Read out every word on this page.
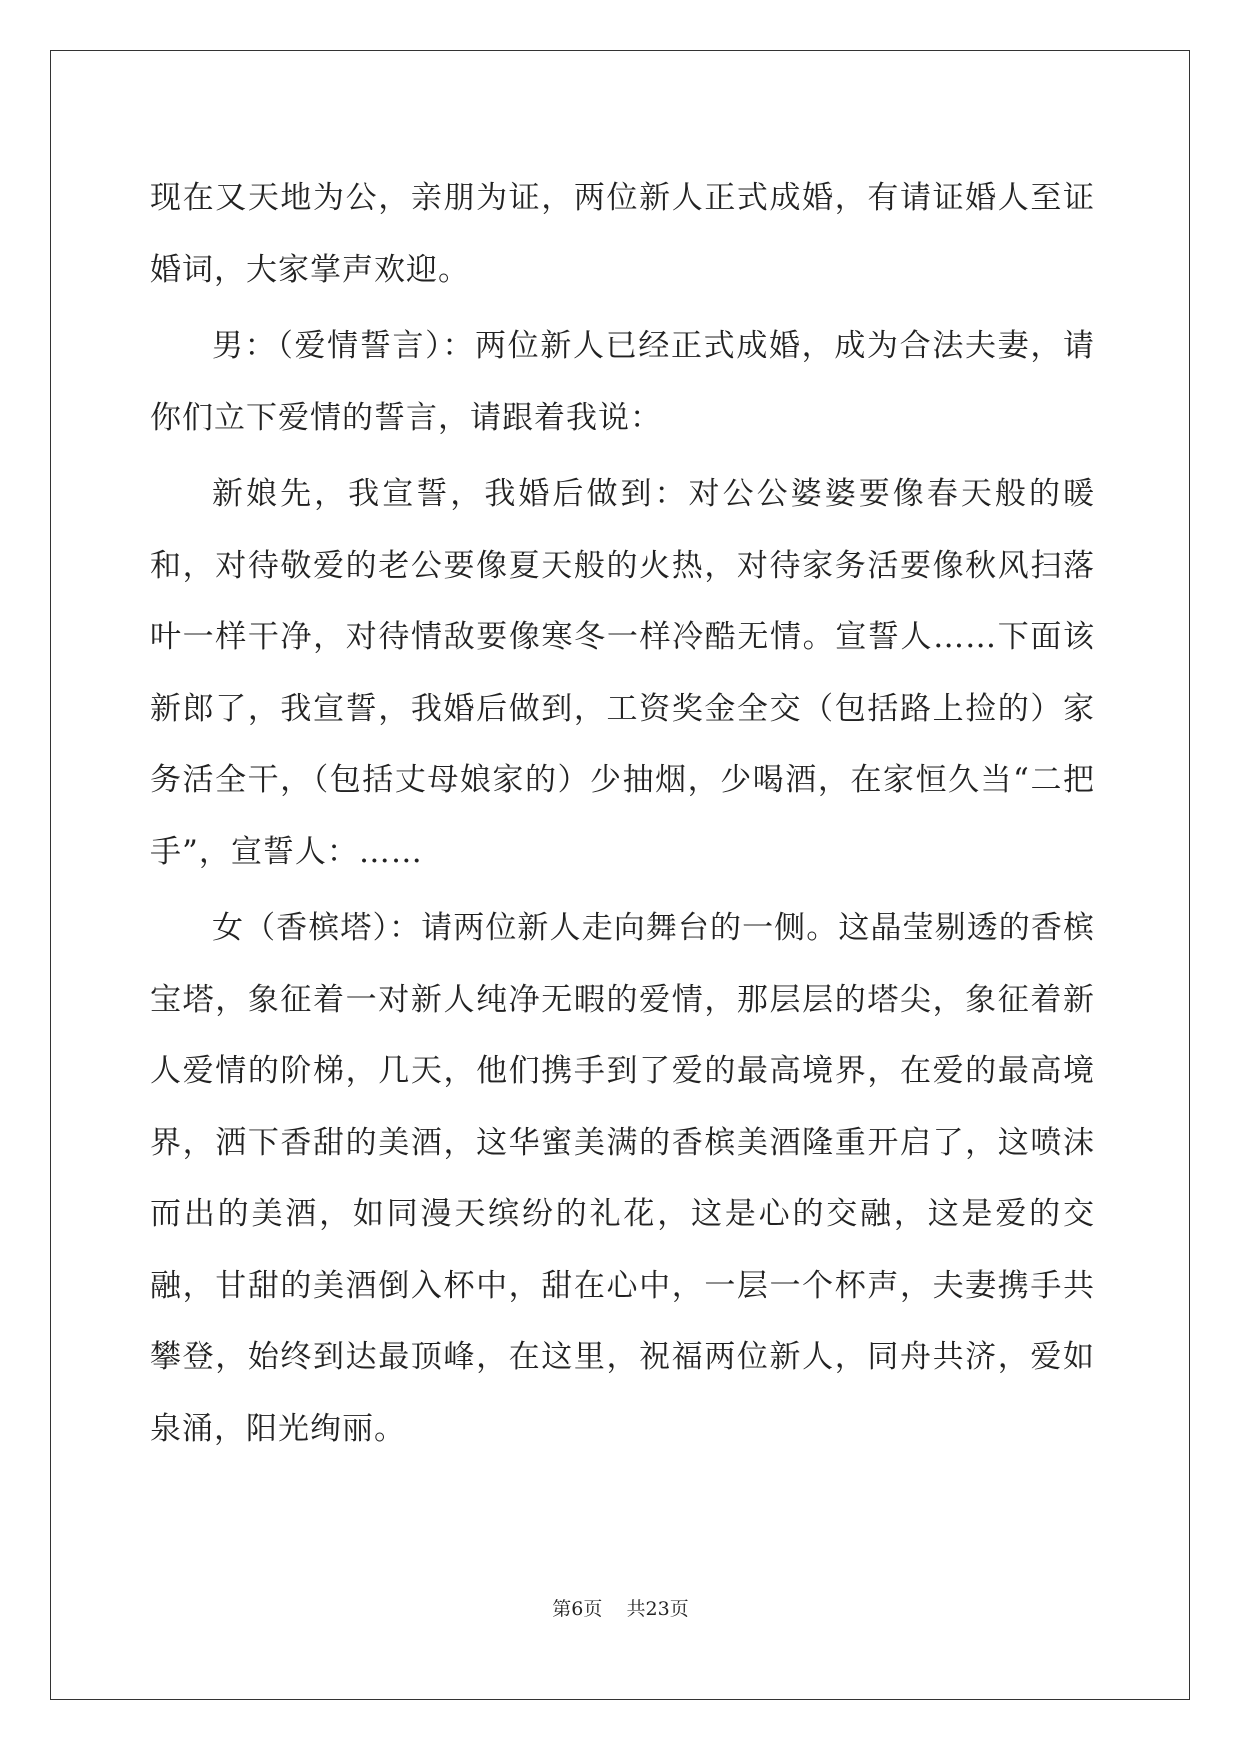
现在又天地为公，亲朋为证，两位新人正式成婚，有请证婚人至证婚词，大家掌声欢迎。

男：（爱情誓言）：两位新人已经正式成婚，成为合法夫妻，请你们立下爱情的誓言，请跟着我说：

新娘先，我宣誓，我婚后做到：对公公婆婆要像春天般的暖和，对待敬爱的老公要像夏天般的火热，对待家务活要像秋风扫落叶一样干净，对待情敌要像寒冬一样冷酷无情。宣誓人……下面该新郎了，我宣誓，我婚后做到，工资奖金全交（包括路上捡的）家务活全干，（包括丈母娘家的）少抽烟，少喝酒，在家恒久当“二把手”，宣誓人：……

女（香槟塔）：请两位新人走向舞台的一侧。这晶莹剔透的香槟宝塔，象征着一对新人纯净无暇的爱情，那层层的塔尖，象征着新人爱情的阶梯，几天，他们携手到了爱的最高境界，在爱的最高境界，洒下香甜的美酒，这华蜜美满的香槟美酒隆重开启了，这喷沫而出的美酒，如同漫天缤纷的礼花，这是心的交融，这是爱的交融，甘甜的美酒倒入杯中，甜在心中，一层一个杯声，夫妻携手共攀登，始终到达最顶峰，在这里，祝福两位新人，同舟共济，爱如泉涌，阳光绚丽。

第6页    共23页
